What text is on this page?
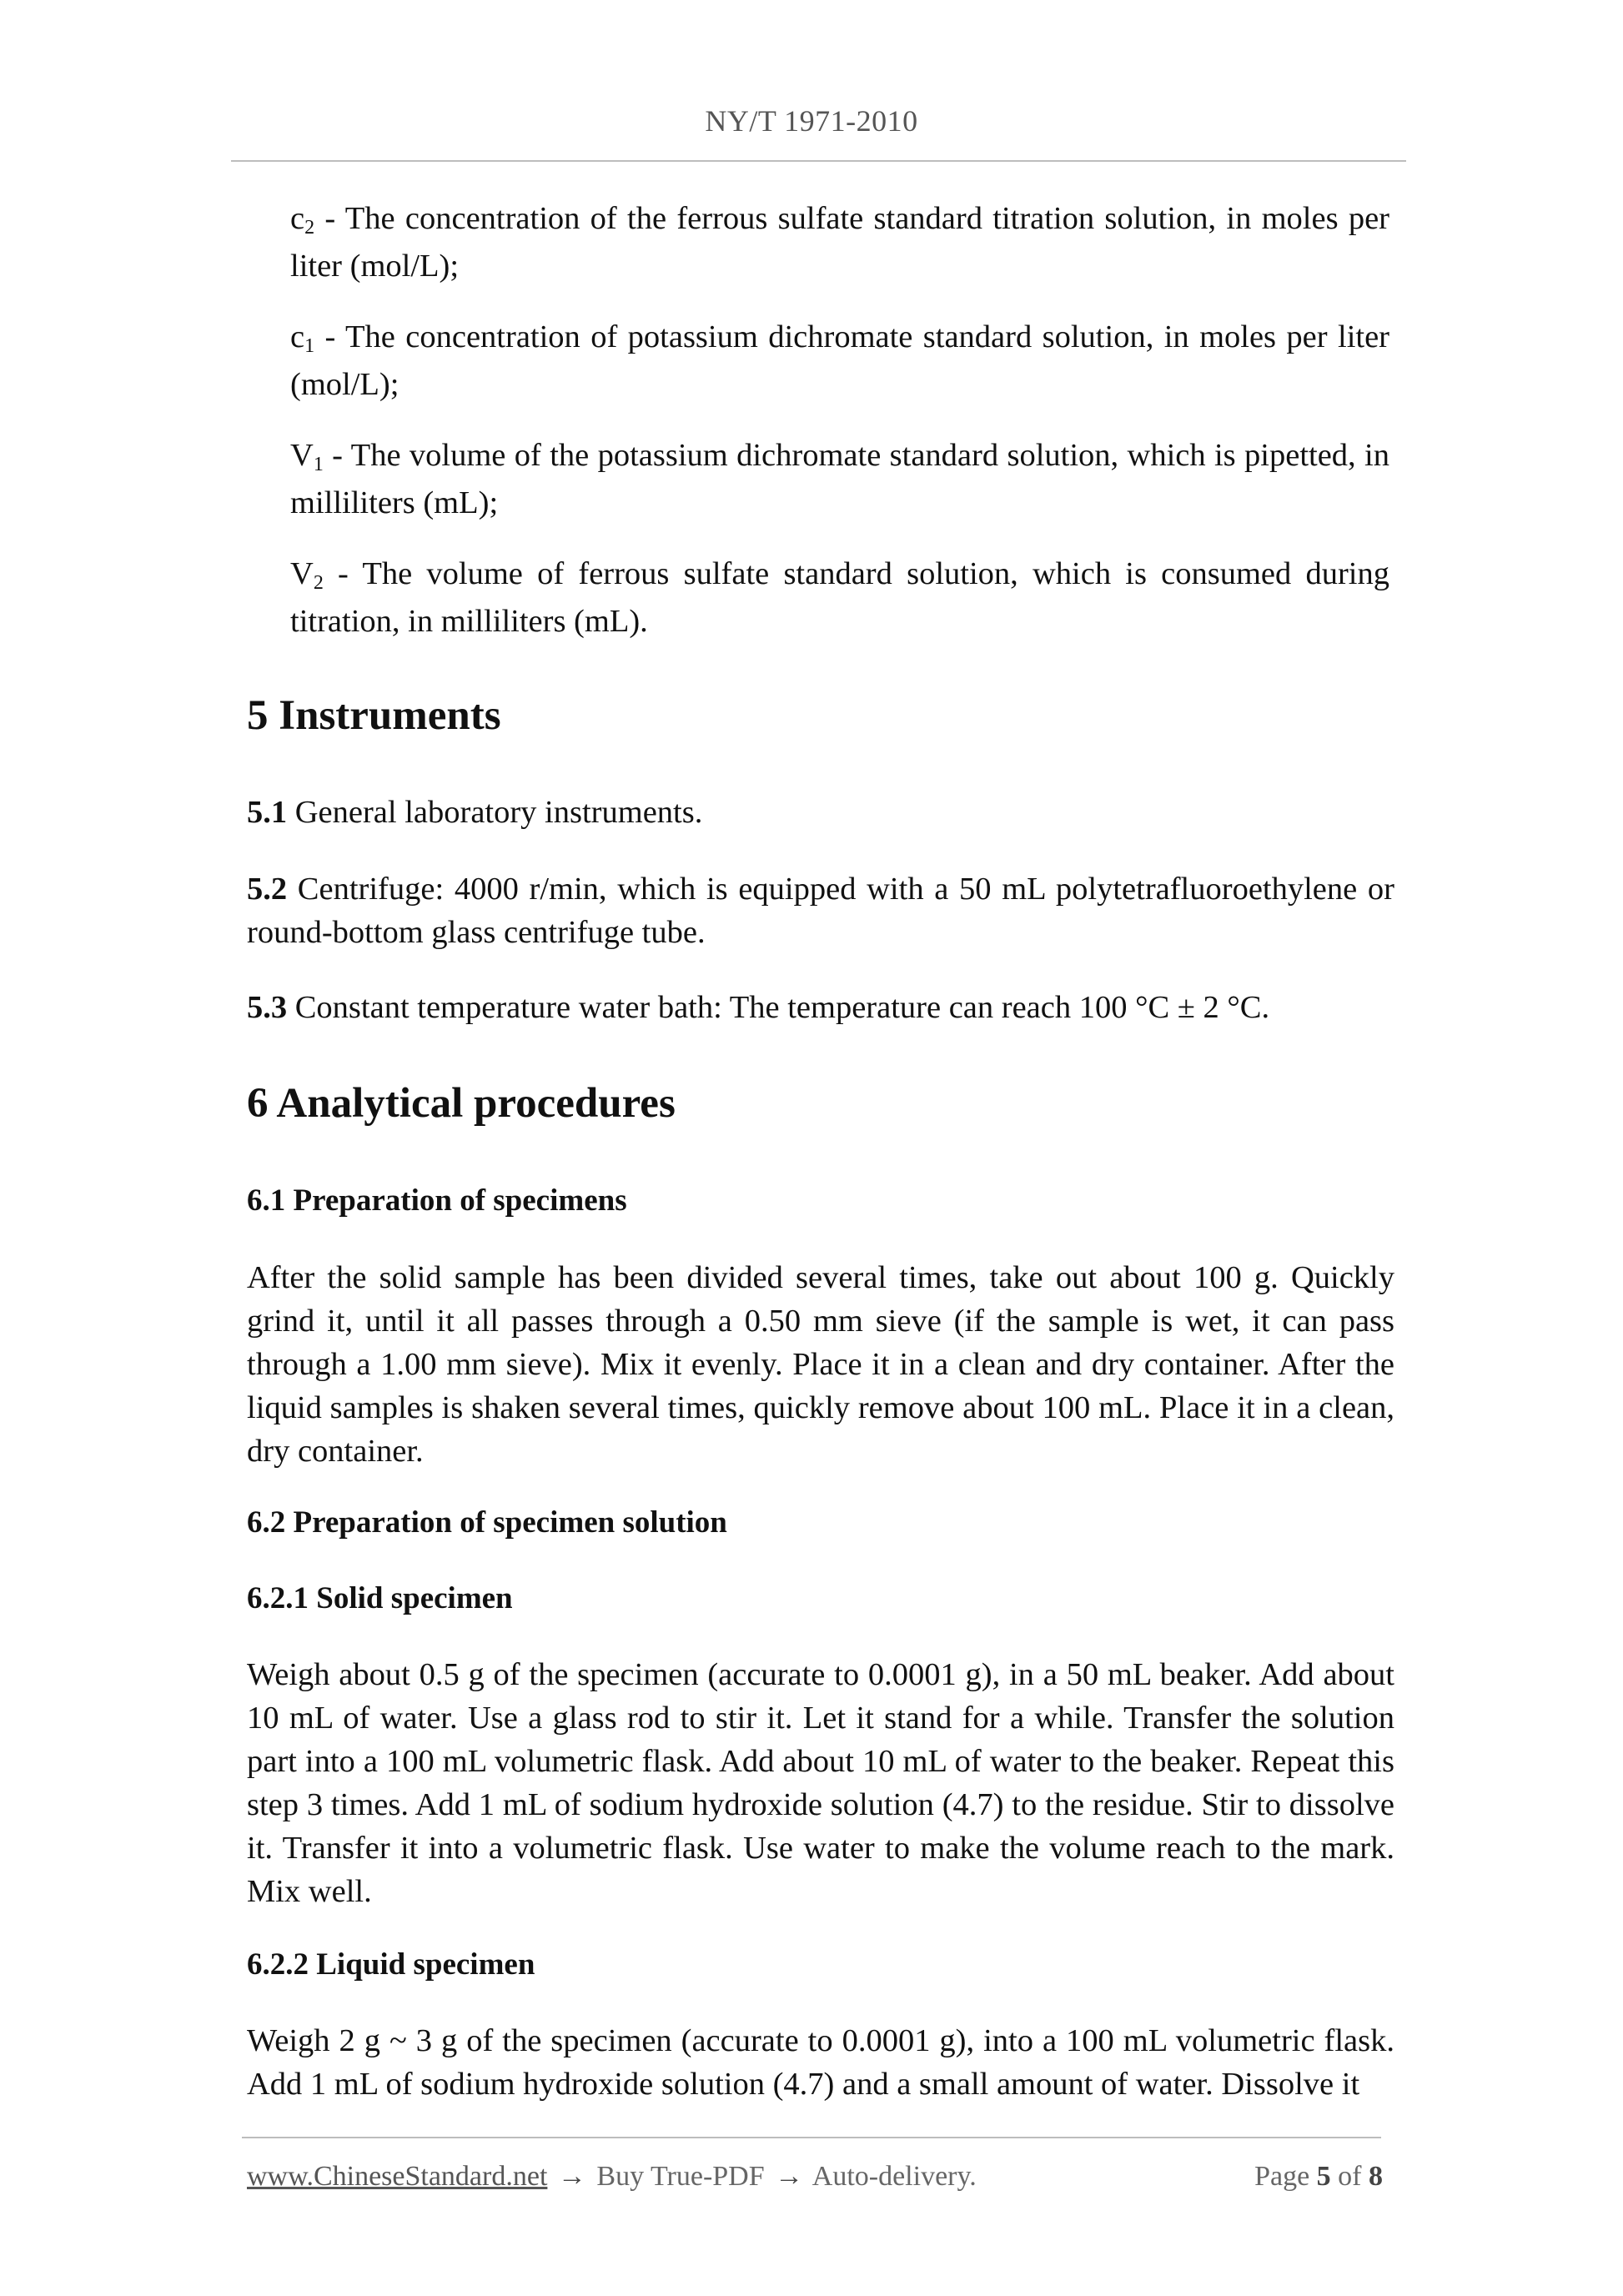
NY/T 1971-2010

$c_2$ - The concentration of the ferrous sulfate standard titration solution, in moles per liter (mol/L);

$c_1$ - The concentration of potassium dichromate standard solution, in moles per liter (mol/L);

$V_1$ - The volume of the potassium dichromate standard solution, which is pipetted, in milliliters (mL);

$V_2$ - The volume of ferrous sulfate standard solution, which is consumed during titration, in milliliters (mL).

5 Instruments

5.1 General laboratory instruments.

5.2 Centrifuge: 4000 r/min, which is equipped with a 50 mL polytetrafluoroethylene or round-bottom glass centrifuge tube.

5.3 Constant temperature water bath: The temperature can reach 100 °C ± 2 °C.

6 Analytical procedures
6.1 Preparation of specimens

After the solid sample has been divided several times, take out about 100 g. Quickly grind it, until it all passes through a 0.50 mm sieve (if the sample is wet, it can pass through a 1.00 mm sieve). Mix it evenly. Place it in a clean and dry container. After the liquid samples is shaken several times, quickly remove about 100 mL. Place it in a clean, dry container.

6.2 Preparation of specimen solution
6.2.1 Solid specimen

Weigh about 0.5 g of the specimen (accurate to 0.0001 g), in a 50 mL beaker. Add about 10 mL of water. Use a glass rod to stir it. Let it stand for a while. Transfer the solution part into a 100 mL volumetric flask. Add about 10 mL of water to the beaker. Repeat this step 3 times. Add 1 mL of sodium hydroxide solution (4.7) to the residue. Stir to dissolve it. Transfer it into a volumetric flask. Use water to make the volume reach to the mark. Mix well.

6.2.2 Liquid specimen

Weigh 2 g ~ 3 g of the specimen (accurate to 0.0001 g), into a 100 mL volumetric flask. Add 1 mL of sodium hydroxide solution (4.7) and a small amount of water. Dissolve it

www.ChineseStandard.net → Buy True-PDF → Auto-delivery.	Page 5 of 8
